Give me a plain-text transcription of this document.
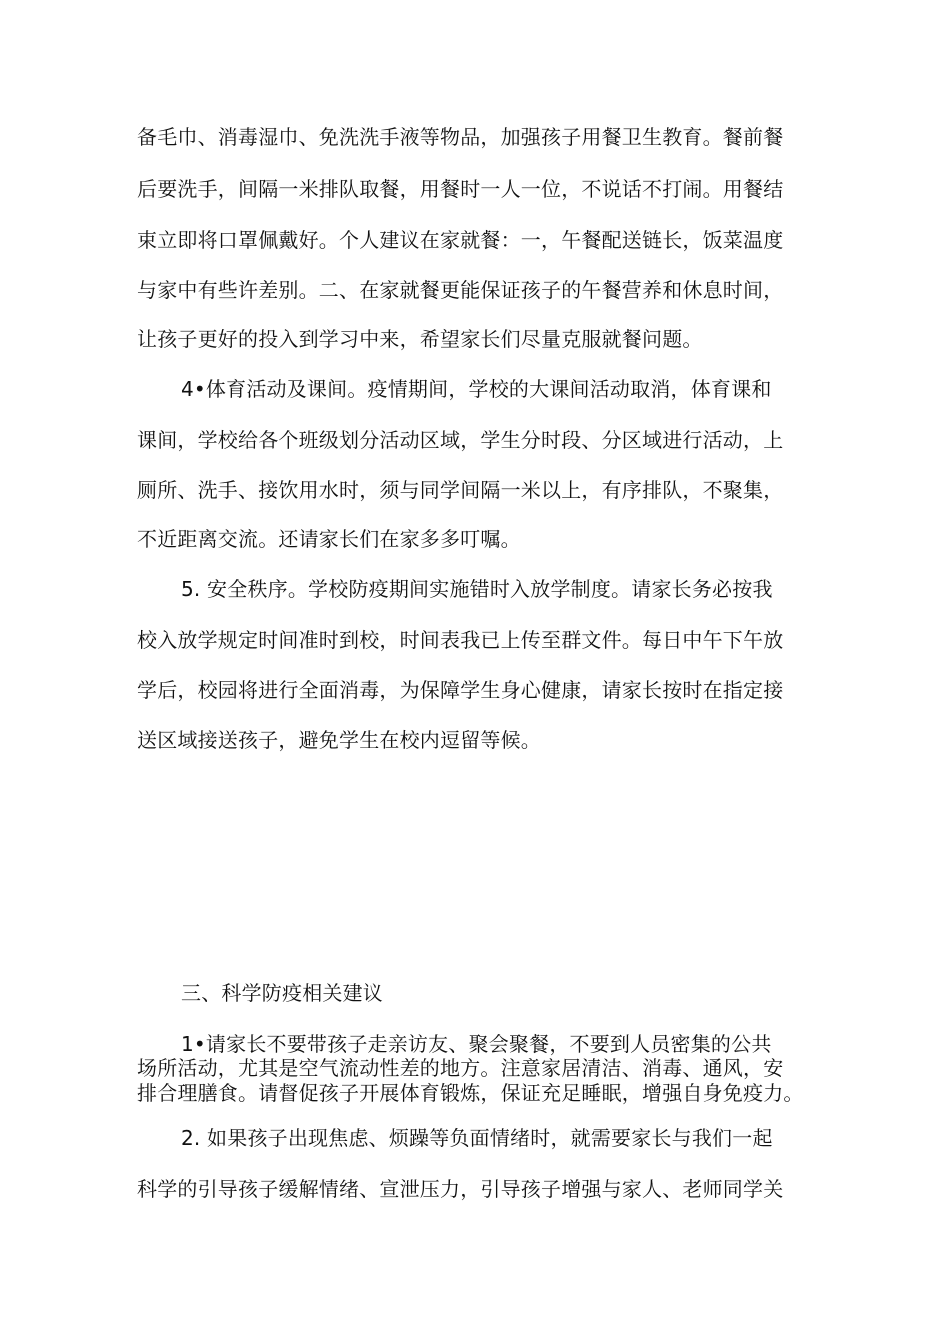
备毛巾、消毒湿巾、免洗洗手液等物品，加强孩子用餐卫生教育。餐前餐
后要洗手，间隔一米排队取餐，用餐时一人一位，不说话不打闹。用餐结
束立即将口罩佩戴好。个人建议在家就餐：一，午餐配送链长，饭菜温度
与家中有些许差别。二、在家就餐更能保证孩子的午餐营养和休息时间，
让孩子更好的投入到学习中来，希望家长们尽量克服就餐问题。
4•体育活动及课间。疫情期间，学校的大课间活动取消，体育课和
课间，学校给各个班级划分活动区域，学生分时段、分区域进行活动，上
厕所、洗手、接饮用水时，须与同学间隔一米以上，有序排队，不聚集，
不近距离交流。还请家长们在家多多叮嘱。
5. 安全秩序。学校防疫期间实施错时入放学制度。请家长务必按我
校入放学规定时间准时到校，时间表我已上传至群文件。每日中午下午放
学后，校园将进行全面消毒，为保障学生身心健康，请家长按时在指定接
送区域接送孩子，避免学生在校内逗留等候。
三、科学防疫相关建议
1•请家长不要带孩子走亲访友、聚会聚餐，不要到人员密集的公共
场所活动，尤其是空气流动性差的地方。注意家居清洁、消毒、通风，安
排合理膳食。请督促孩子开展体育锻炼，保证充足睡眠，增强自身免疫力。
2. 如果孩子出现焦虑、烦躁等负面情绪时，就需要家长与我们一起
科学的引导孩子缓解情绪、宣泄压力，引导孩子增强与家人、老师同学关
